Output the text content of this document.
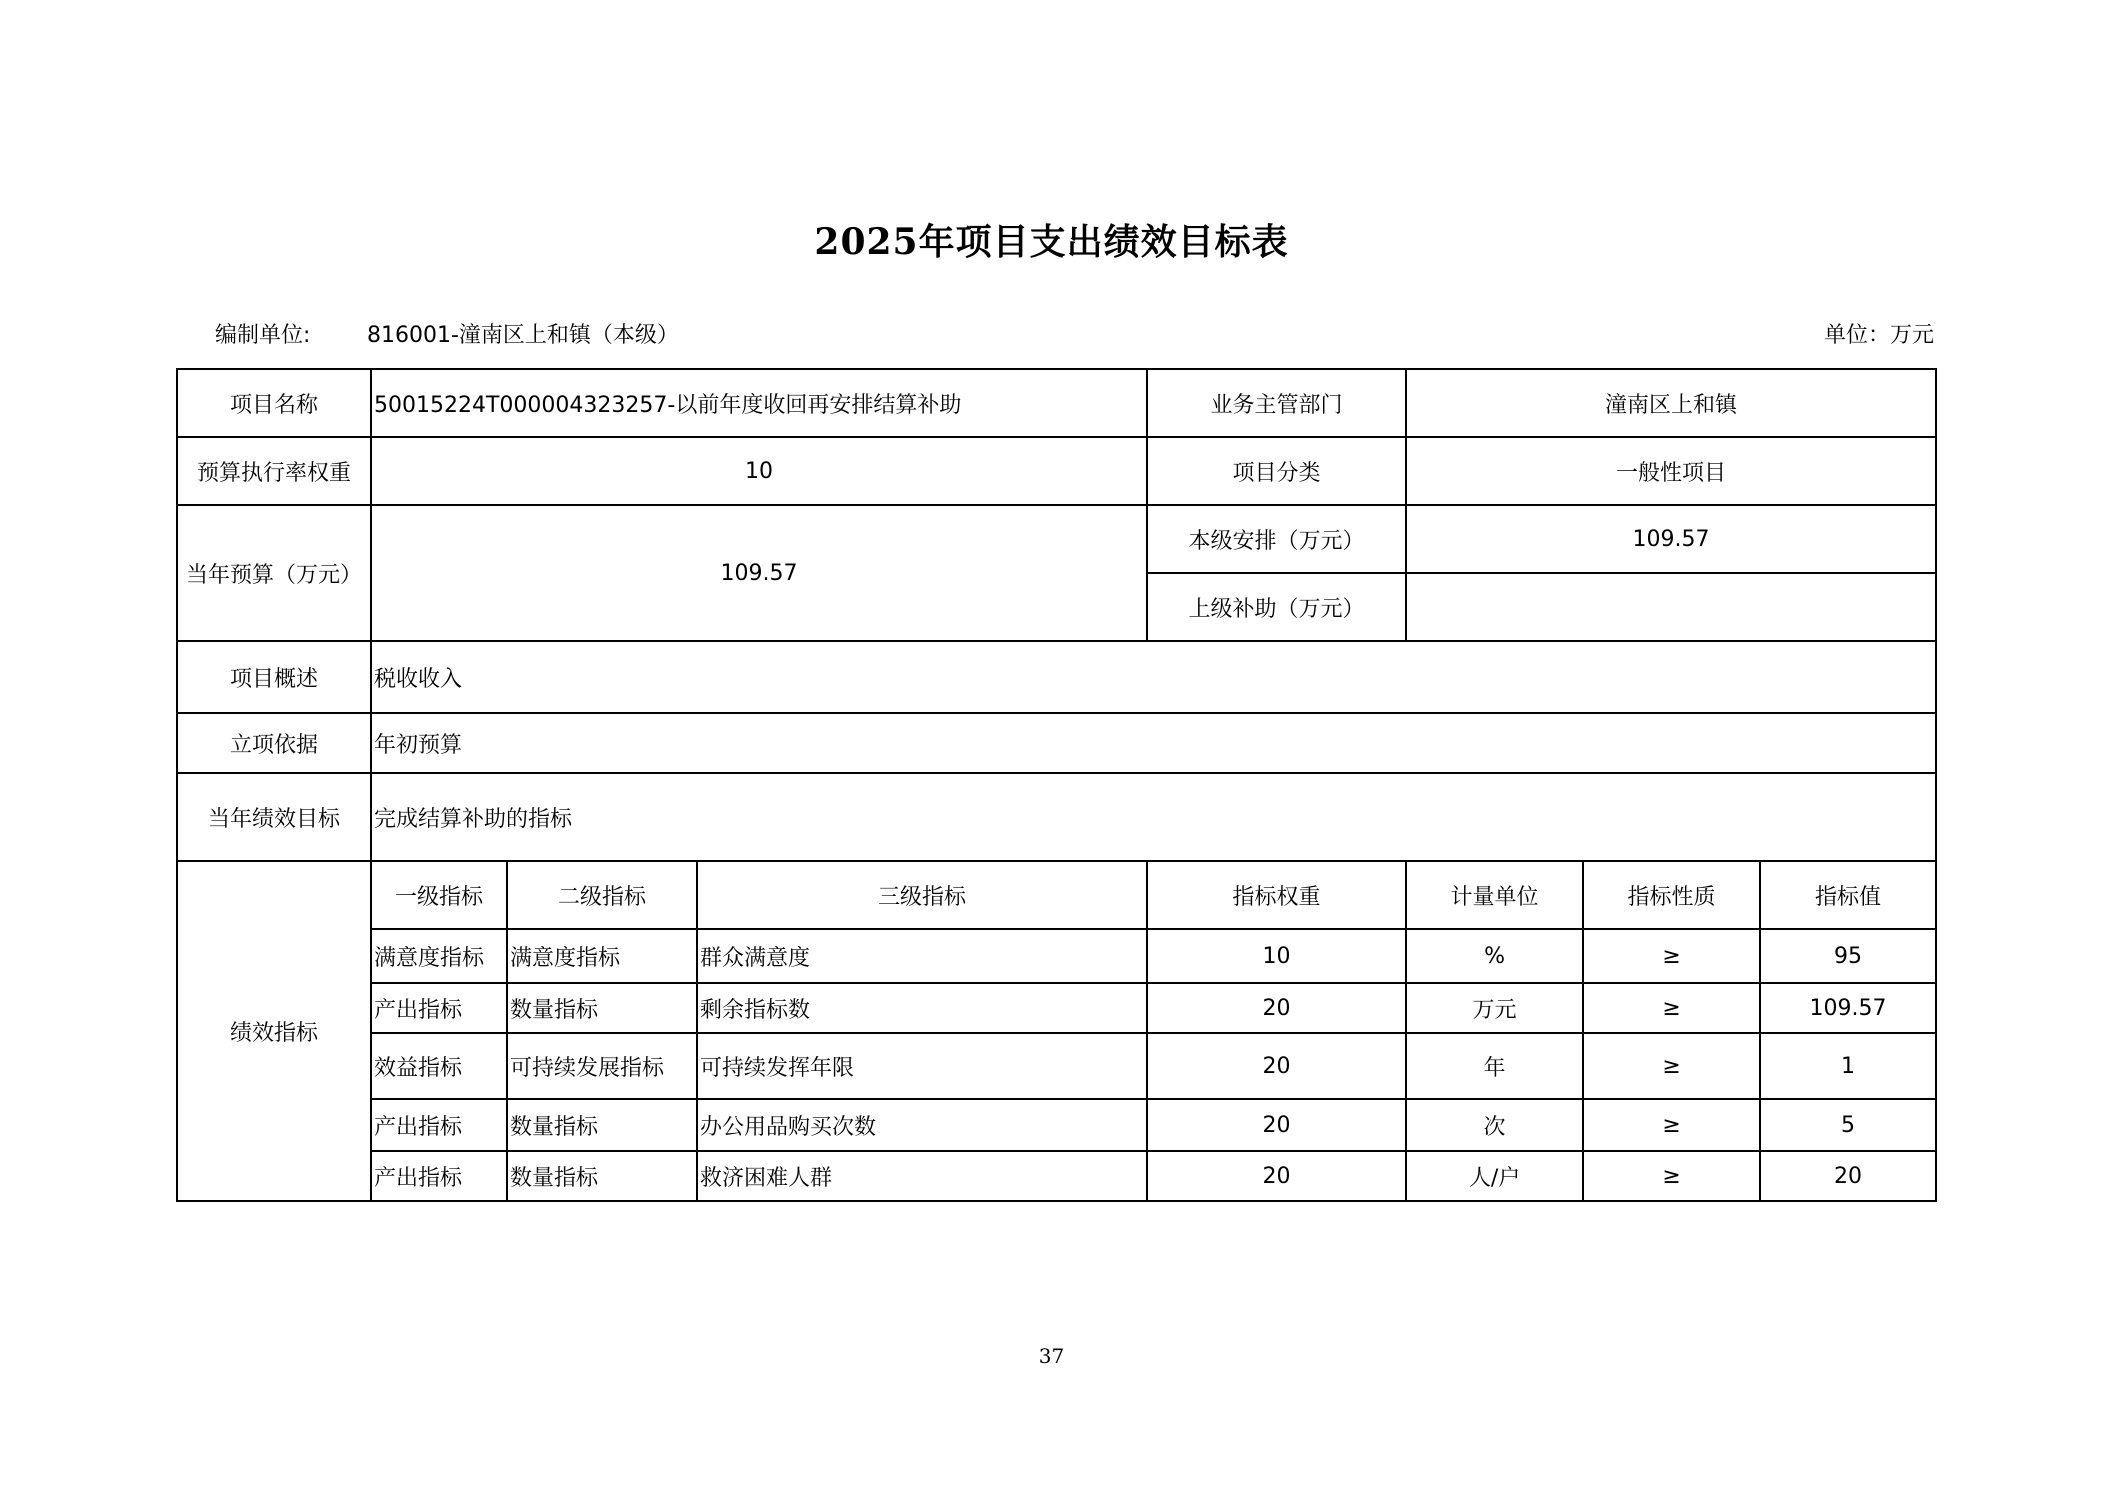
2025年项目支出绩效目标表
编制单位:	816001-潼南区上和镇（本级）	单位：万元
项目名称	50015224T000004323257-以前年度收回再安排结算补助			业务主管部门	潼南区上和镇			
预算执行率权重	10			项目分类	一般性项目			
当年预算（万元）	109.57			本级安排（万元）	109.57			
				上级补助（万元）				
项目概述	税收收入							
立项依据	年初预算							
当年绩效目标	完成结算补助的指标							
绩效指标	一级指标	二级指标	三级指标	指标权重	计量单位	指标性质	指标值	
	满意度指标	满意度指标	群众满意度	10	%	≥	95	
	产出指标	数量指标	剩余指标数	20	万元	≥	109.57	
	效益指标	可持续发展指标	可持续发挥年限	20	年	≥	1	
	产出指标	数量指标	办公用品购买次数	20	次	≥	5	
	产出指标	数量指标	救济困难人群	20	人/户	≥	20	
37
